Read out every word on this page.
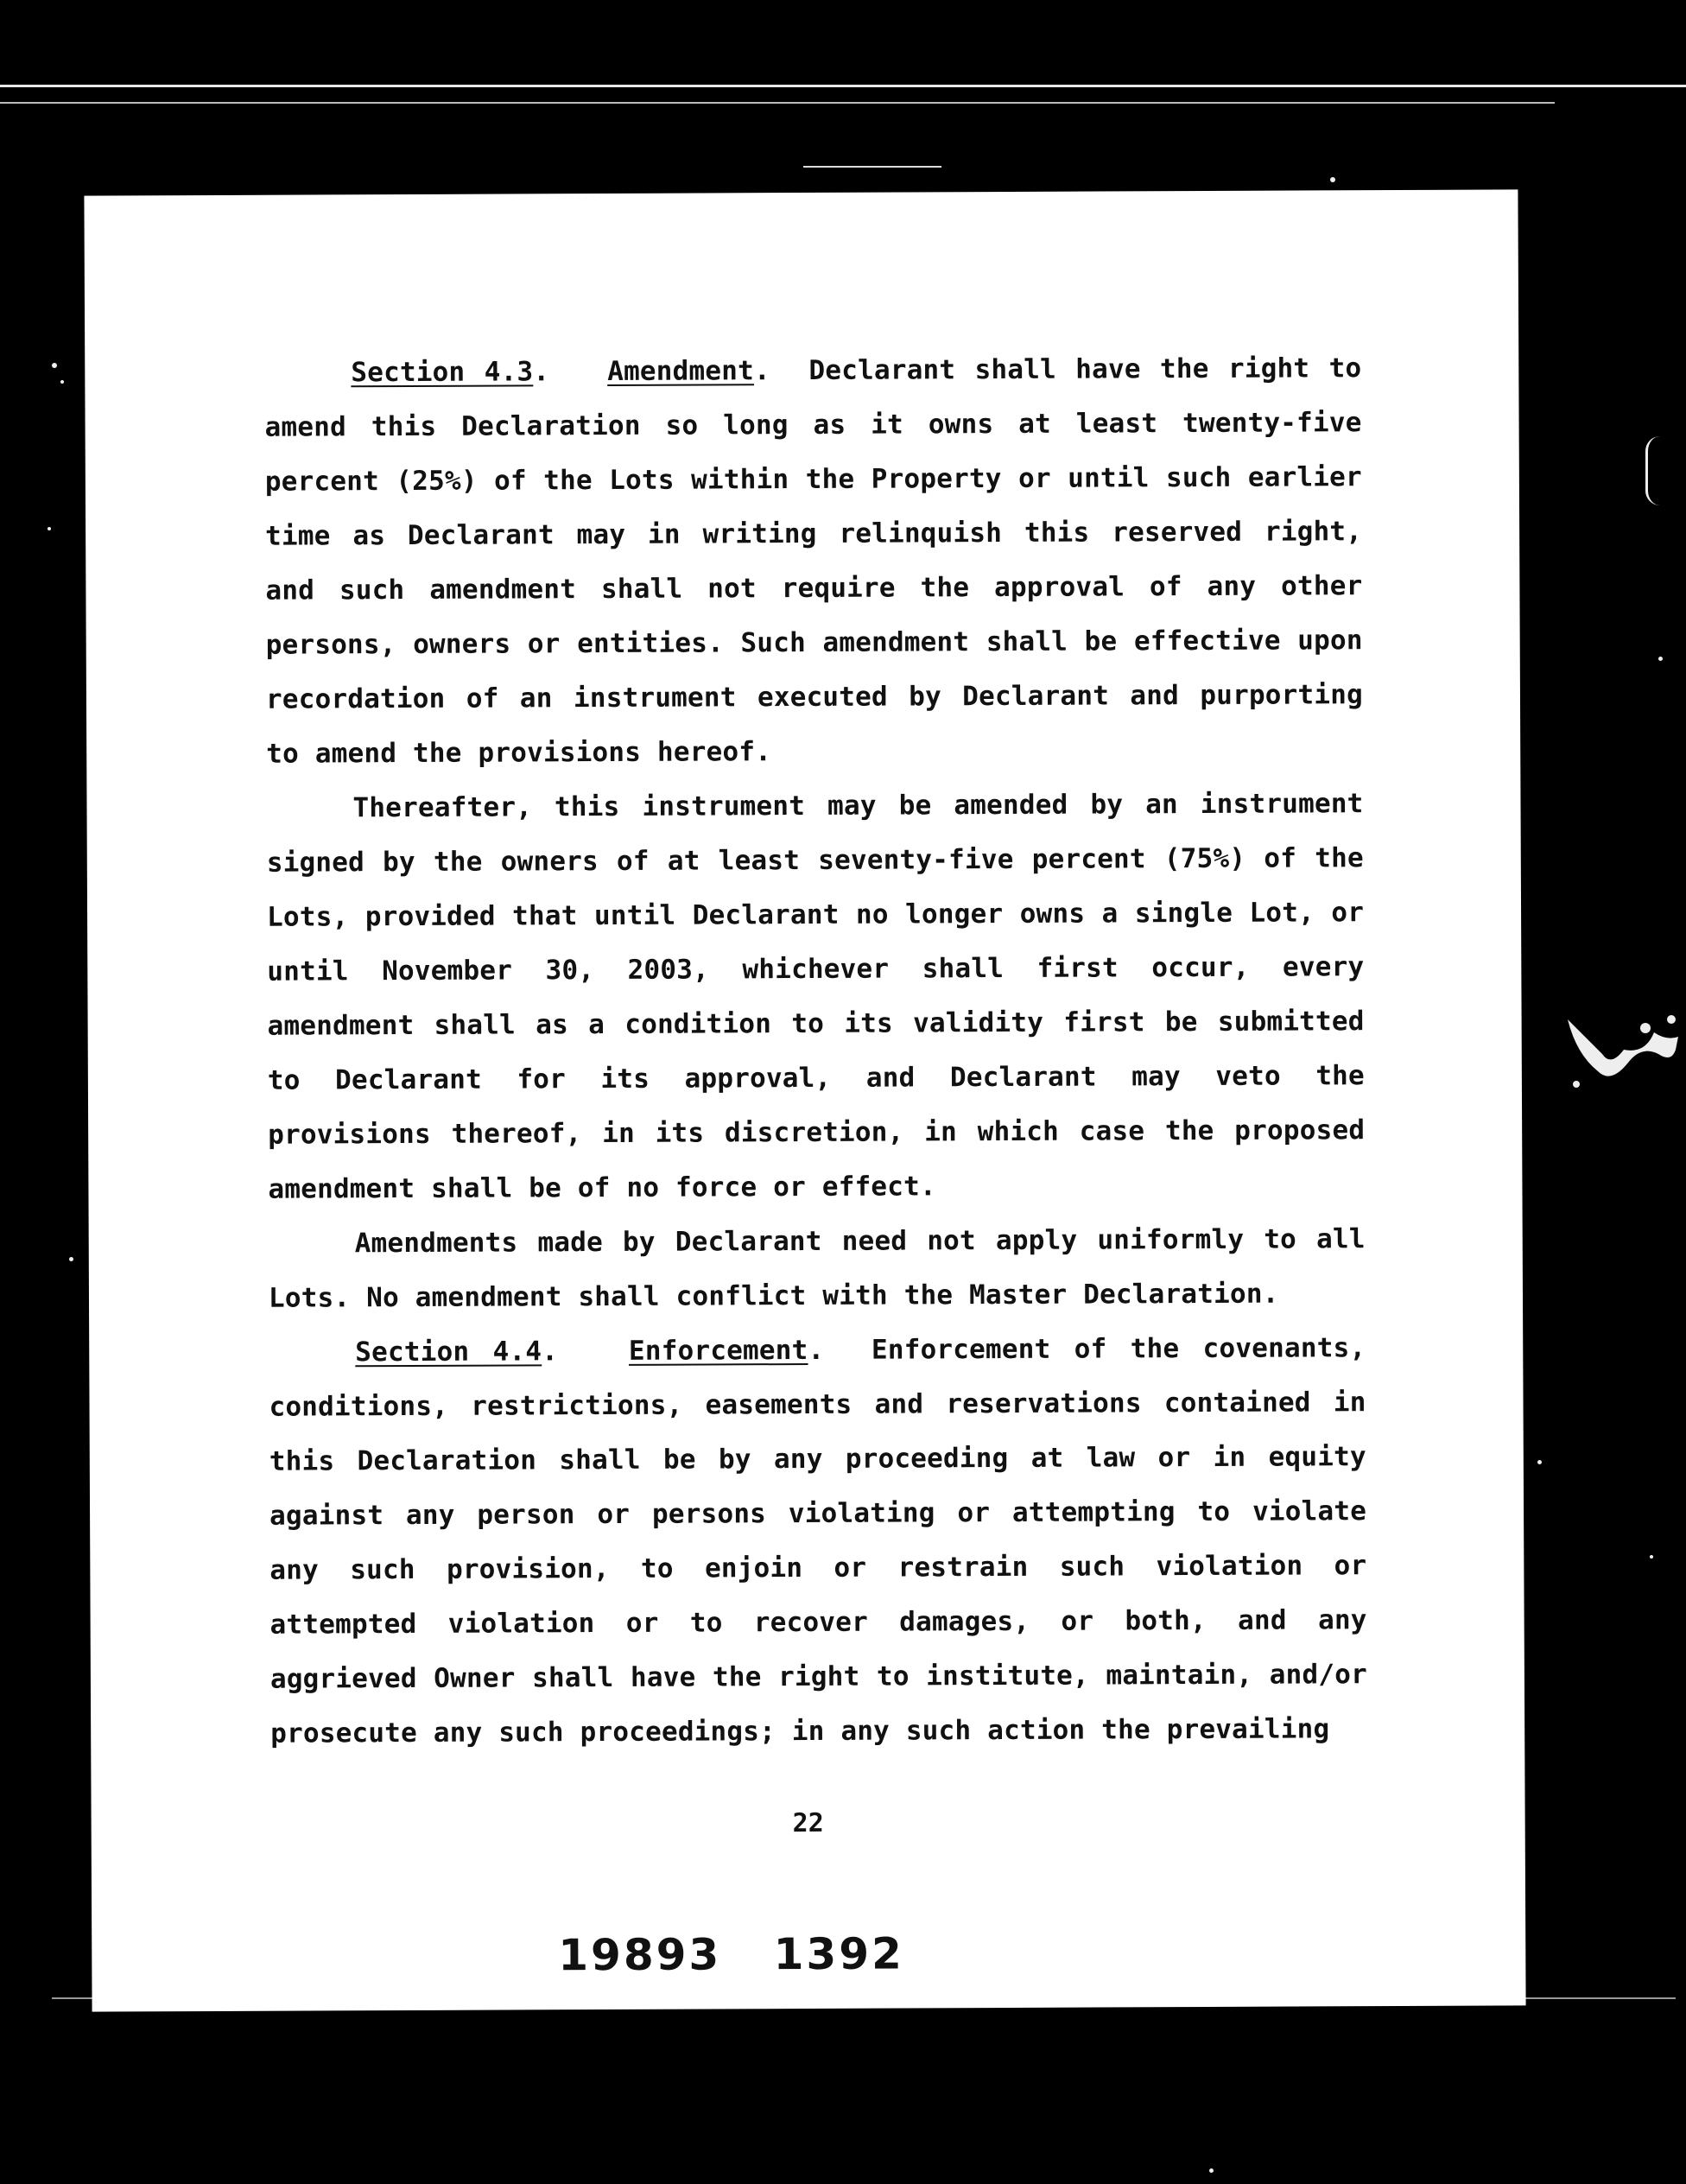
Section 4.3.   Amendment.  Declarant shall have the right to amend this Declaration so long as it owns at least twenty-five percent (25%) of the Lots within the Property or until such earlier time as Declarant may in writing relinquish this reserved right, and such amendment shall not require the approval of any other persons, owners or entities. Such amendment shall be effective upon recordation of an instrument executed by Declarant and purporting to amend the provisions hereof.

Thereafter, this instrument may be amended by an instrument signed by the owners of at least seventy-five percent (75%) of the Lots, provided that until Declarant no longer owns a single Lot, or until November 30, 2003, whichever shall first occur, every amendment shall as a condition to its validity first be submitted to Declarant for its approval, and Declarant may veto the provisions thereof, in its discretion, in which case the proposed amendment shall be of no force or effect.

Amendments made by Declarant need not apply uniformly to all Lots. No amendment shall conflict with the Master Declaration.

Section 4.4.   Enforcement.  Enforcement of the covenants, conditions, restrictions, easements and reservations contained in this Declaration shall be by any proceeding at law or in equity against any person or persons violating or attempting to violate any such provision, to enjoin or restrain such violation or attempted violation or to recover damages, or both, and any aggrieved Owner shall have the right to institute, maintain, and/or prosecute any such proceedings; in any such action the prevailing

22
19893 1392
